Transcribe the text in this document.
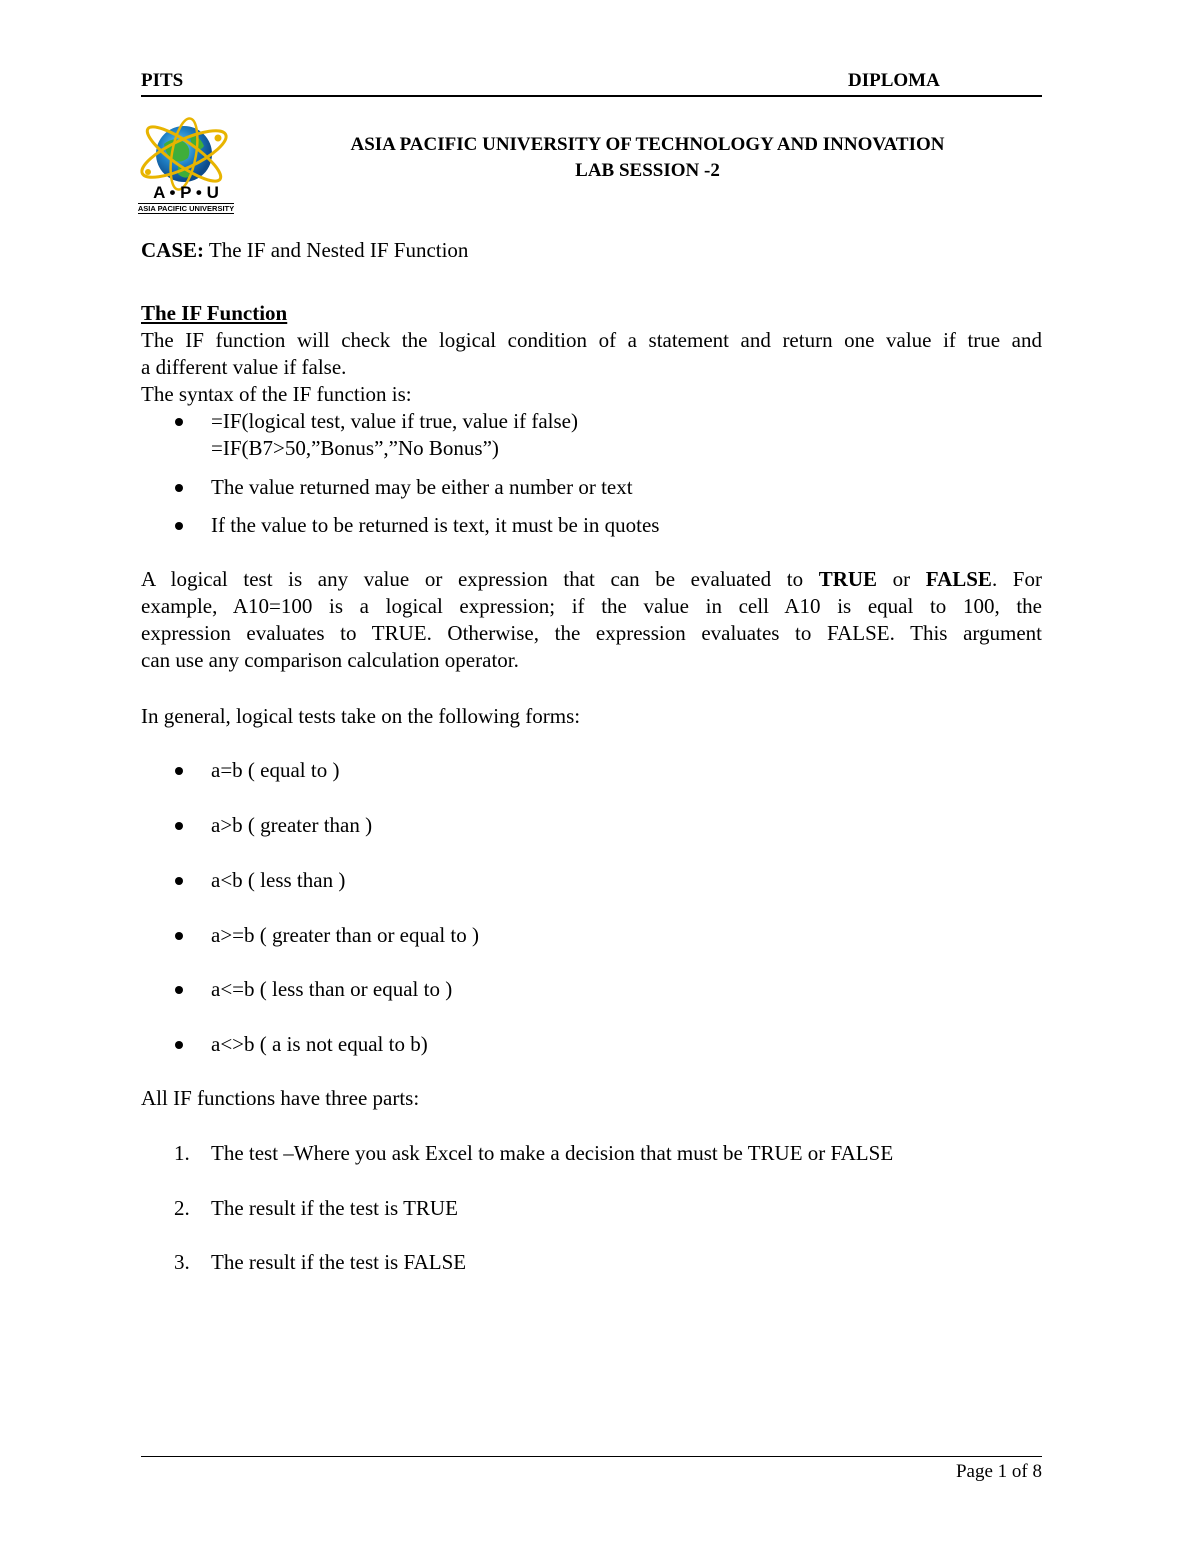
PITS	DIPLOMA
A • P • U
ASIA PACIFIC UNIVERSITY
ASIA PACIFIC UNIVERSITY OF TECHNOLOGY AND INNOVATION
LAB SESSION -2
CASE: The IF and Nested IF Function
The IF Function
The IF function will check the logical condition of a statement and return one value if true and
a different value if false.
The syntax of the IF function is:
=IF(logical test, value if true, value if false)
=IF(B7>50,”Bonus”,”No Bonus”)
The value returned may be either a number or text
If the value to be returned is text, it must be in quotes
A logical test is any value or expression that can be evaluated to TRUE or FALSE. For
example, A10=100 is a logical expression; if the value in cell A10 is equal to 100, the
expression evaluates to TRUE. Otherwise, the expression evaluates to FALSE. This argument
can use any comparison calculation operator.
In general, logical tests take on the following forms:
a=b ( equal to )
a>b ( greater than )
a<b ( less than )
a>=b ( greater than or equal to )
a<=b ( less than or equal to )
a<>b ( a is not equal to b)
All IF functions have three parts:
1. The test –Where you ask Excel to make a decision that must be TRUE or FALSE
2. The result if the test is TRUE
3. The result if the test is FALSE
Page 1 of 8
